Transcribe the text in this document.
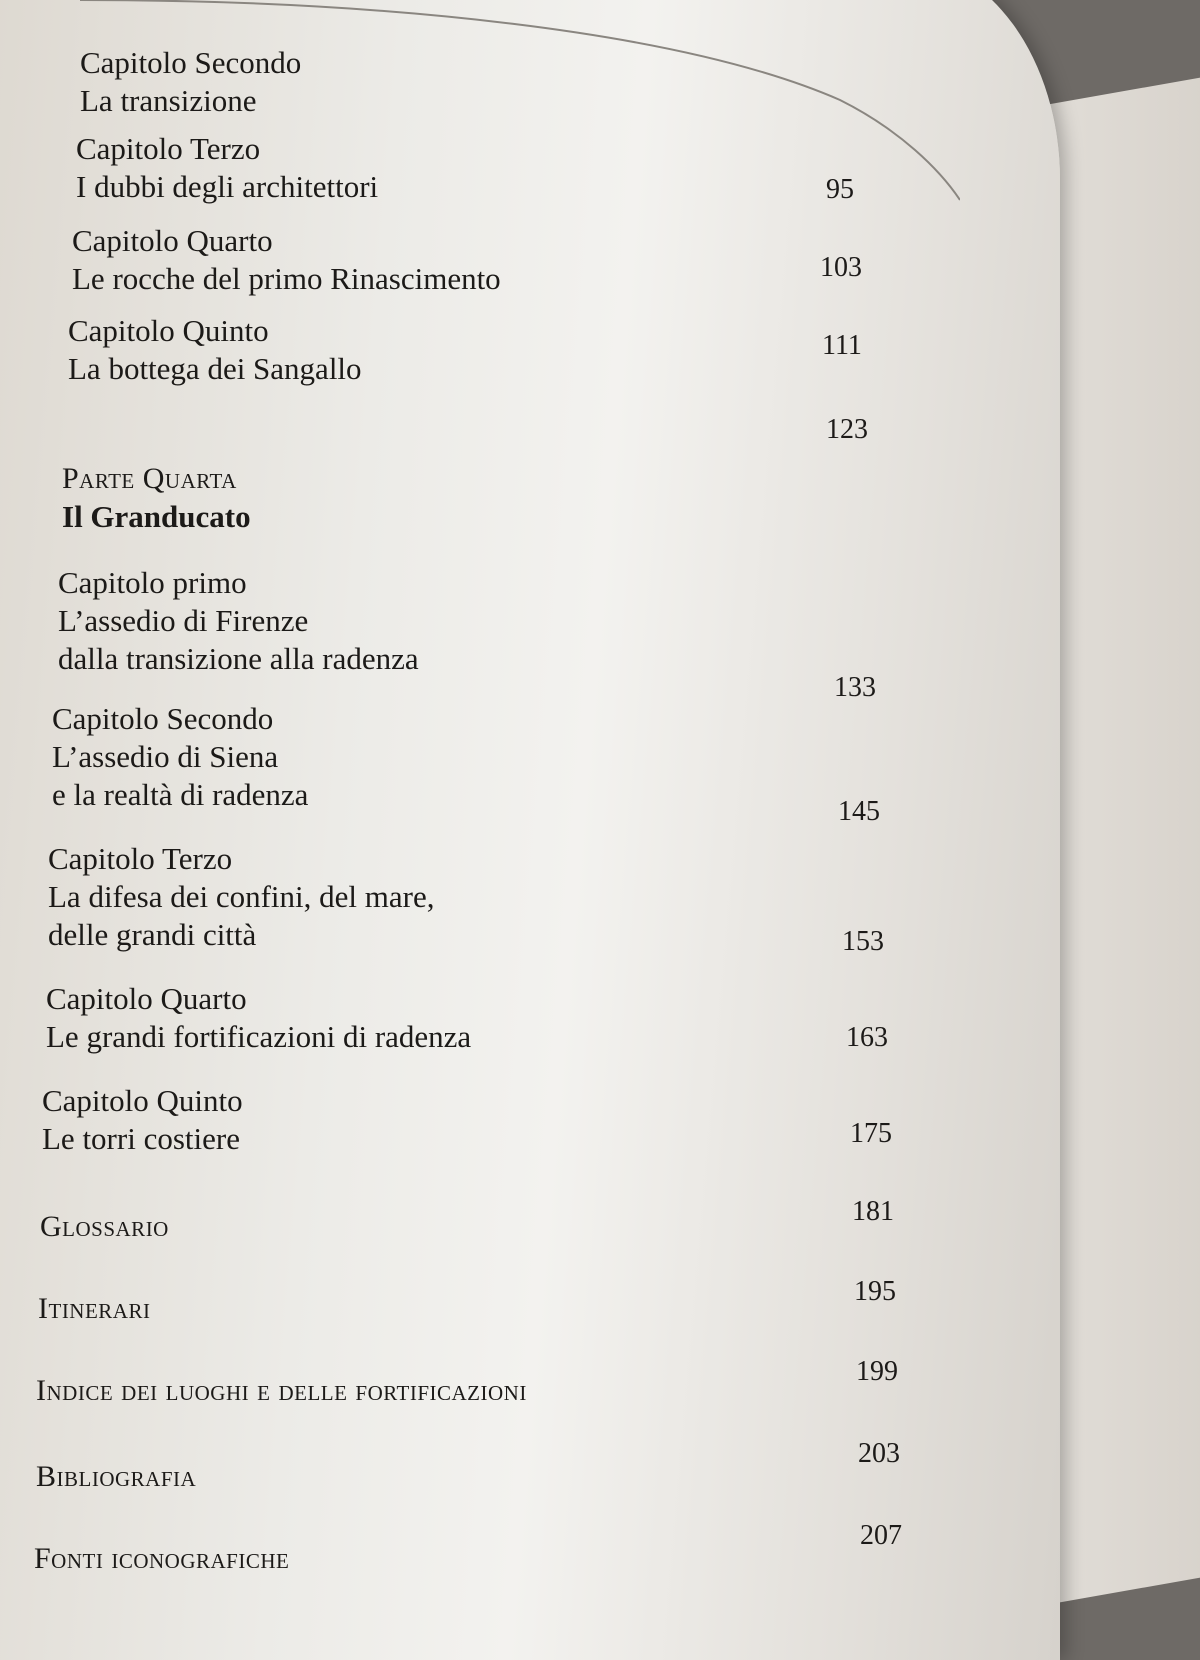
Capitolo Secondo
La transizione
Capitolo Terzo
I dubbi degli architettori
Capitolo Quarto
Le rocche del primo Rinascimento
Capitolo Quinto
La bottega dei Sangallo
Parte Quarta
Il Granducato
Capitolo primo
L’assedio di Firenze
dalla transizione alla radenza
Capitolo Secondo
L’assedio di Siena
e la realtà di radenza
Capitolo Terzo
La difesa dei confini, del mare,
delle grandi città
Capitolo Quarto
Le grandi fortificazioni di radenza
Capitolo Quinto
Le torri costiere
Glossario
Itinerari
Indice dei luoghi e delle fortificazioni
Bibliografia
Fonti iconografiche
95
103
111
123
133
145
153
163
175
181
195
199
203
207
